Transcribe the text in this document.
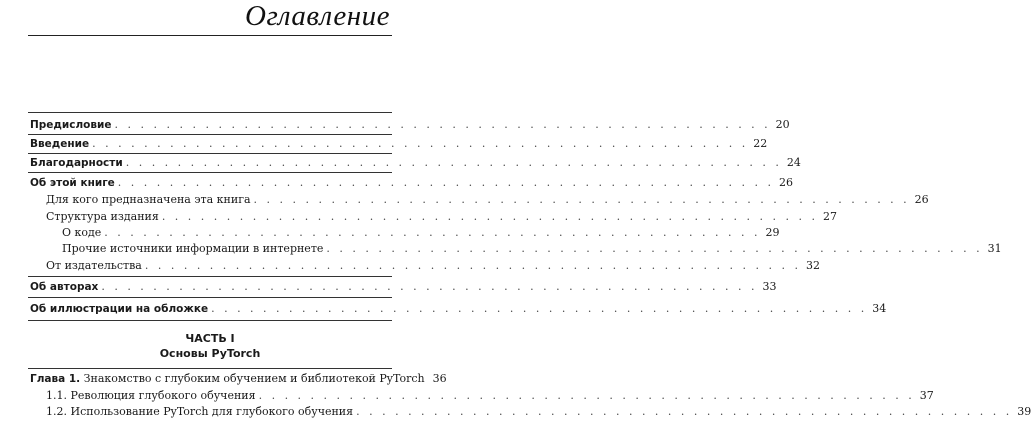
Оглавление
Предисловие . . . . . . . . . . . . . . . . . . . . . . . . . . . . . . . . . . . . . . . . . . . . . . . . . . . 20
Введение . . . . . . . . . . . . . . . . . . . . . . . . . . . . . . . . . . . . . . . . . . . . . . . . . . . 22
Благодарности . . . . . . . . . . . . . . . . . . . . . . . . . . . . . . . . . . . . . . . . . . . . . . . . . . . 24
Об этой книге . . . . . . . . . . . . . . . . . . . . . . . . . . . . . . . . . . . . . . . . . . . . . . . . . . . 26
Для кого предназначена эта книга . . . . . . . . . . . . . . . . . . . . . . . . . . . . . . . . . . . . . . . . . . . . . . . . . . . 26
Структура издания . . . . . . . . . . . . . . . . . . . . . . . . . . . . . . . . . . . . . . . . . . . . . . . . . . . 27
О коде . . . . . . . . . . . . . . . . . . . . . . . . . . . . . . . . . . . . . . . . . . . . . . . . . . . 29
Прочие источники информации в интернете . . . . . . . . . . . . . . . . . . . . . . . . . . . . . . . . . . . . . . . . . . . . . . . . . . . 31
От издательства . . . . . . . . . . . . . . . . . . . . . . . . . . . . . . . . . . . . . . . . . . . . . . . . . . . 32
Об авторах . . . . . . . . . . . . . . . . . . . . . . . . . . . . . . . . . . . . . . . . . . . . . . . . . . . 33
Об иллюстрации на обложке . . . . . . . . . . . . . . . . . . . . . . . . . . . . . . . . . . . . . . . . . . . . . . . . . . . 34
ЧАСТЬ I
Основы PyTorch
Глава 1. Знакомство с глубоким обучением и библиотекой PyTorch 36
1.1. Революция глубокого обучения . . . . . . . . . . . . . . . . . . . . . . . . . . . . . . . . . . . . . . . . . . . . . . . . . . . 37
1.2. Использование PyTorch для глубокого обучения . . . . . . . . . . . . . . . . . . . . . . . . . . . . . . . . . . . . . . . . . . . . . . . . . . . 39
